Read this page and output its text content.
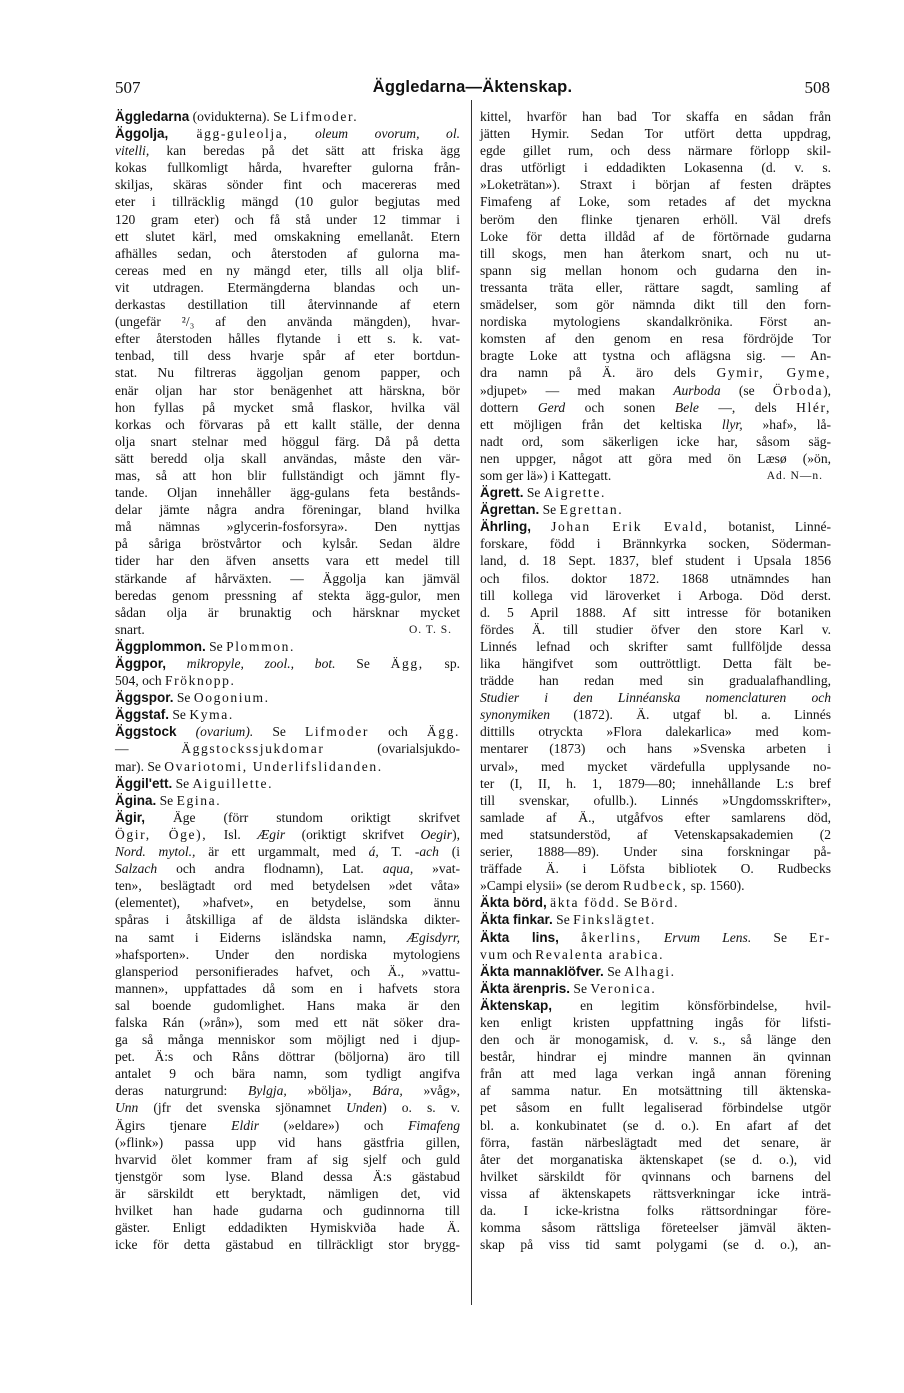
507	Äggledarna—Äktenskap.	508
Äggledarna (ovidukterna). Se Lifmoder.
Äggolja, ägg-guleolja, oleum ovorum, ol.
vitelli, kan beredas på det sätt att friska ägg
kokas fullkomligt hårda, hvarefter gulorna från-
skiljas, skäras sönder fint och macereras med
eter i tillräcklig mängd (10 gulor begjutas med
120 gram eter) och få stå under 12 timmar i
ett slutet kärl, med omskakning emellanåt. Etern
afhälles sedan, och återstoden af gulorna ma-
cereas med en ny mängd eter, tills all olja blif-
vit utdragen. Etermängderna blandas och un-
derkastas destillation till återvinnande af etern
(ungefär ²/₃ af den använda mängden), hvar-
efter återstoden hålles flytande i ett s. k. vat-
tenbad, till dess hvarje spår af eter bortdun-
stat. Nu filtreras äggoljan genom papper, och
enär oljan har stor benägenhet att härskna, bör
hon fyllas på mycket små flaskor, hvilka väl
korkas och förvaras på ett kallt ställe, der denna
olja snart stelnar med höggul färg. Då på detta
sätt beredd olja skall användas, måste den vär-
mas, så att hon blir fullständigt och jämnt fly-
tande. Oljan innehåller ägg-gulans feta bestånds-
delar jämte några andra föreningar, bland hvilka
må nämnas »glycerin-fosforsyra». Den nyttjas
på såriga bröstvårtor och kylsår. Sedan äldre
tider har den äfven ansetts vara ett medel till
stärkande af hårväxten. — Äggolja kan jämväl
beredas genom pressning af stekta ägg-gulor, men
sådan olja är brunaktig och härsknar mycket
snart.	O. T. S.
Äggplommon. Se Plommon.
Äggpor, mikropyle, zool., bot. Se Ägg, sp.
504, och Fröknopp.
Äggspor. Se Oogonium.
Äggstaf. Se Kyma.
Äggstock (ovarium). Se Lifmoder och Ägg.
— Äggstockssjukdomar (ovarialsjukdo-
mar). Se Ovariotomi, Underlifslidanden.
Äggil'ett. Se Aiguillette.
Ägina. Se Egina.
Ägir, Äge (förr stundom oriktigt skrifvet
Ögir, Öge), Isl. Ægir (oriktigt skrifvet Oegir),
Nord. mytol., är ett urgammalt, med á, T. -ach (i
Salzach och andra flodnamn), Lat. aqua, »vat-
ten», beslägtadt ord med betydelsen »det våta»
(elementet), »hafvet», en betydelse, som ännu
spåras i åtskilliga af de äldsta isländska dikter-
na samt i Eiderns isländska namn, Ægisdyrr,
»hafsporten». Under den nordiska mytologiens
glansperiod personifierades hafvet, och Ä., »vattu-
mannen», uppfattades då som en i hafvets stora
sal boende gudomlighet. Hans maka är den
falska Rán (»rån»), som med ett nät söker dra-
ga så många menniskor som möjligt ned i djup-
pet. Ä:s och Råns döttrar (böljorna) äro till
antalet 9 och bära namn, som tydligt angifva
deras naturgrund: Bylgja, »bölja», Bára, »våg»,
Unn (jfr det svenska sjönamnet Unden) o. s. v.
Ägirs tjenare Eldir (»eldare») och Fimafeng
(»flink») passa upp vid hans gästfria gillen,
hvarvid ölet kommer fram af sig sjelf och guld
tjenstgör som lyse. Bland dessa Ä:s gästabud
är särskildt ett beryktadt, nämligen det, vid
hvilket han hade gudarna och gudinnorna till
gäster. Enligt eddadikten Hymiskviða hade Ä.
icke för detta gästabud en tillräckligt stor brygg-
kittel, hvarför han bad Tor skaffa en sådan från
jätten Hymir. Sedan Tor utfört detta uppdrag,
egde gillet rum, och dess närmare förlopp skil-
dras utförligt i eddadikten Lokasenna (d. v. s.
»Loketrätan»). Straxt i början af festen dräptes
Fimafeng af Loke, som retades af det myckna
beröm den flinke tjenaren erhöll. Väl drefs
Loke för detta illdåd af de förtörnade gudarna
till skogs, men han återkom snart, och nu ut-
spann sig mellan honom och gudarna den in-
tressanta träta eller, rättare sagdt, samling af
smädelser, som gör nämnda dikt till den forn-
nordiska mytologiens skandalkrönika. Först an-
komsten af den genom en resa fördröjde Tor
bragte Loke att tystna och aflägsna sig. — An-
dra namn på Ä. äro dels Gymir, Gyme,
»djupet» — med makan Aurboda (se Örboda),
dottern Gerd och sonen Bele —, dels Hlér,
ett möjligen från det keltiska llyr, »haf», lå-
nadt ord, som säkerligen icke har, såsom säg-
nen uppger, något att göra med ön Læsø (»ön,
som ger lä») i Kattegatt.	Ad. N—n.
Ägrett. Se Aigrette.
Ägrettan. Se Egrettan.
Ährling, Johan Erik Evald, botanist, Linné-
forskare, född i Brännkyrka socken, Söderman-
land, d. 18 Sept. 1837, blef student i Upsala 1856
och filos. doktor 1872. 1868 utnämndes han
till kollega vid läroverket i Arboga. Död derst.
d. 5 April 1888. Af sitt intresse för botaniken
fördes Ä. till studier öfver den store Karl v.
Linnés lefnad och skrifter samt fullföljde dessa
lika hängifvet som outtröttligt. Detta fält be-
trädde han redan med sin gradualafhandling,
Studier i den Linnéanska nomenclaturen och
synonymiken (1872). Ä. utgaf bl. a. Linnés
dittills otryckta »Flora dalekarlica» med kom-
mentarer (1873) och hans »Svenska arbeten i
urval», med mycket värdefulla upplysande no-
ter (I, II, h. 1, 1879—80; innehållande L:s bref
till svenskar, ofullb.). Linnés »Ungdomsskrifter»,
samlade af Ä., utgåfvos efter samlarens död,
med statsunderstöd, af Vetenskapsakademien (2
serier, 1888—89). Under sina forskningar på-
träffade Ä. i Löfsta bibliotek O. Rudbecks
»Campi elysii» (se derom Rudbeck, sp. 1560).
Äkta börd, äkta född. Se Börd.
Äkta finkar. Se Finkslägtet.
Äkta lins, åkerlins, Ervum Lens. Se Er-
vum och Revalenta arabica.
Äkta mannaklöfver. Se Alhagi.
Äkta ärenpris. Se Veronica.
Äktenskap, en legitim könsförbindelse, hvil-
ken enligt kristen uppfattning ingås för lifsti-
den och är monogamisk, d. v. s., så länge den
består, hindrar ej mindre mannen än qvinnan
från att med laga verkan ingå annan förening
af samma natur. En motsättning till äktenska-
pet såsom en fullt legaliserad förbindelse utgör
bl. a. konkubinatet (se d. o.). En afart af det
förra, fastän närbeslägtadt med det senare, är
åter det morganatiska äktenskapet (se d. o.), vid
hvilket särskildt för qvinnans och barnens del
vissa af äktenskapets rättsverkningar icke inträ-
da. I icke-kristna folks rättsordningar före-
komma såsom rättsliga företeelser jämväl äkten-
skap på viss tid samt polygami (se d. o.), an-
